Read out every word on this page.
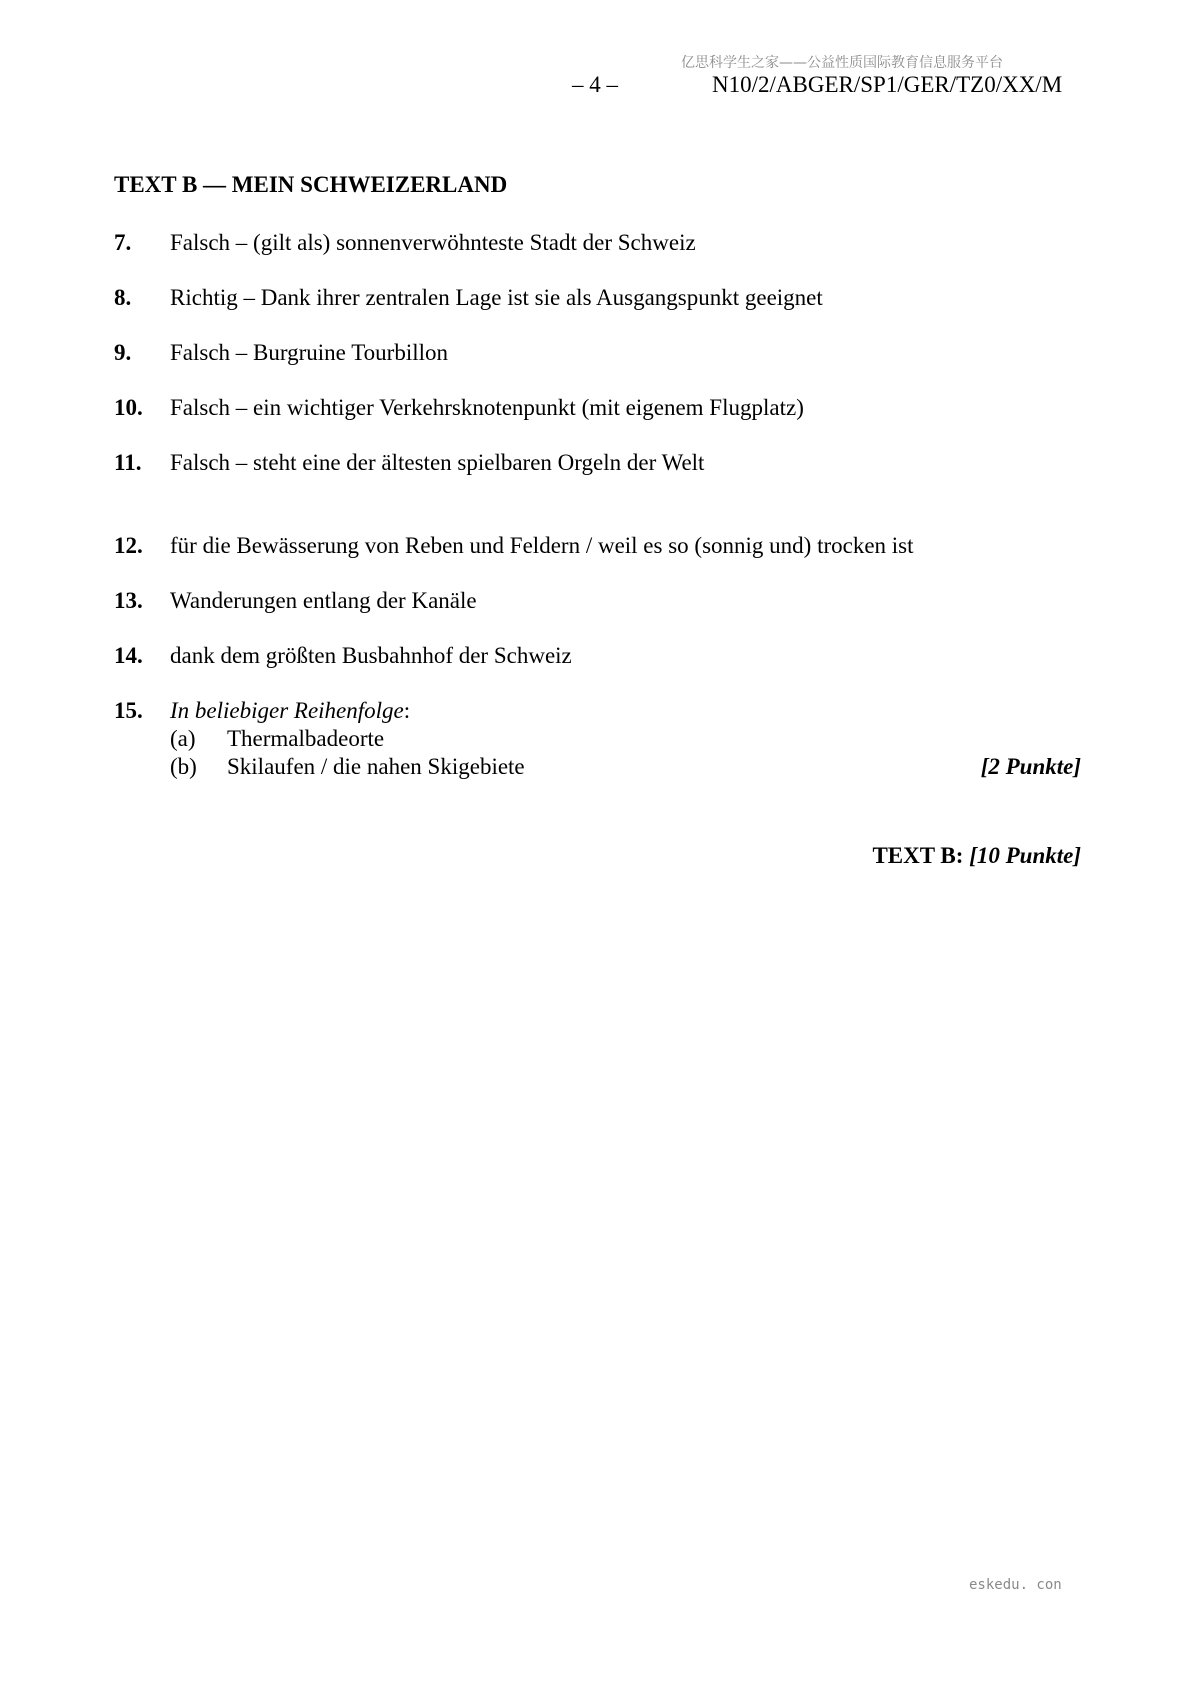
亿思科学生之家——公益性质国际教育信息服务平台
– 4 –	N10/2/ABGER/SP1/GER/TZ0/XX/M
TEXT B — MEIN SCHWEIZERLAND
7. Falsch – (gilt als) sonnenverwöhnteste Stadt der Schweiz
8. Richtig – Dank ihrer zentralen Lage ist sie als Ausgangspunkt geeignet
9. Falsch – Burgruine Tourbillon
10. Falsch – ein wichtiger Verkehrsknotenpunkt (mit eigenem Flugplatz)
11. Falsch – steht eine der ältesten spielbaren Orgeln der Welt
12. für die Bewässerung von Reben und Feldern / weil es so (sonnig und) trocken ist
13. Wanderungen entlang der Kanäle
14. dank dem größten Busbahnhof der Schweiz
15. In beliebiger Reihenfolge:
(a) Thermalbadeorte
(b) Skilaufen / die nahen Skigebiete	[2 Punkte]
TEXT B: [10 Punkte]
eskedu. con
